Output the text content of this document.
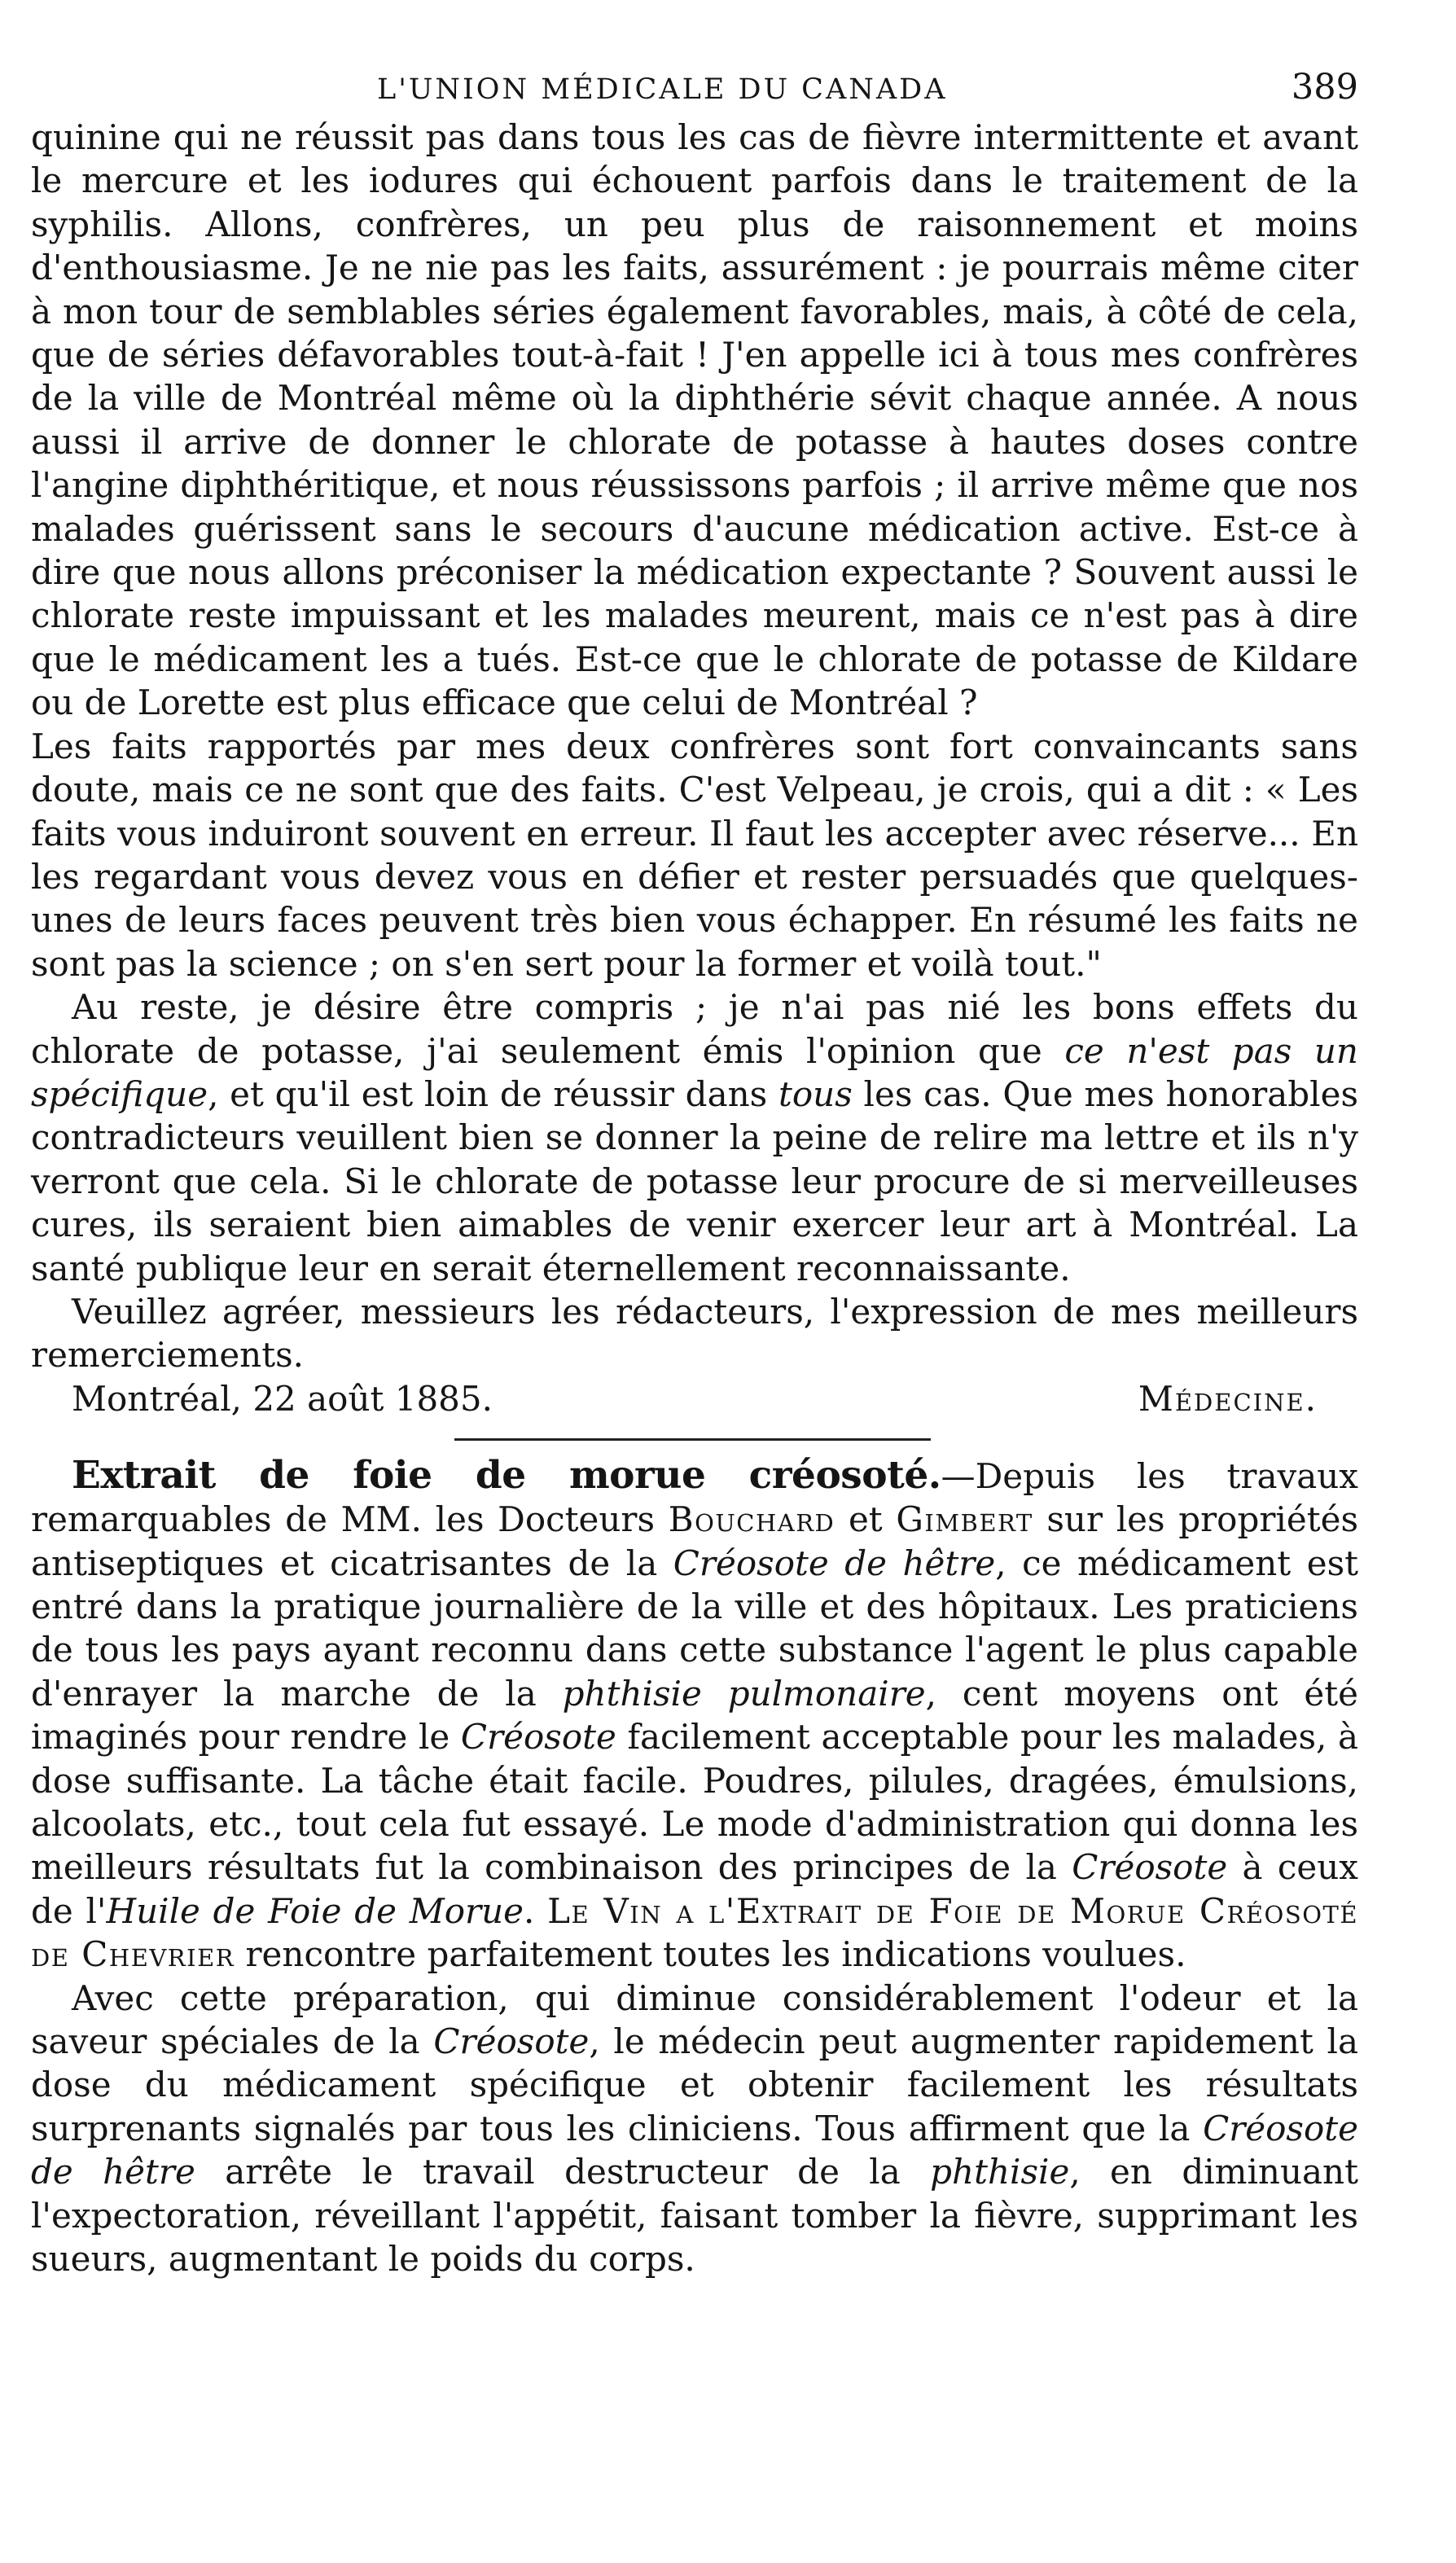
L'UNION MÉDICALE DU CANADA	389

quinine qui ne réussit pas dans tous les cas de fièvre intermittente et avant le mercure et les iodures qui échouent parfois dans le traitement de la syphilis. Allons, confrères, un peu plus de raisonnement et moins d'enthousiasme. Je ne nie pas les faits, assurément : je pourrais même citer à mon tour de semblables séries également favorables, mais, à côté de cela, que de séries défavorables tout-à-fait ! J'en appelle ici à tous mes confrères de la ville de Montréal même où la diphthérie sévit chaque année. A nous aussi il arrive de donner le chlorate de potasse à hautes doses contre l'angine diphthéritique, et nous réussissons parfois ; il arrive même que nos malades guérissent sans le secours d'aucune médication active. Est-ce à dire que nous allons préconiser la médication expectante ? Souvent aussi le chlorate reste impuissant et les malades meurent, mais ce n'est pas à dire que le médicament les a tués. Est-ce que le chlorate de potasse de Kildare ou de Lorette est plus efficace que celui de Montréal ?

Les faits rapportés par mes deux confrères sont fort convaincants sans doute, mais ce ne sont que des faits. C'est Velpeau, je crois, qui a dit : « Les faits vous induiront souvent en erreur. Il faut les accepter avec réserve... En les regardant vous devez vous en défier et rester persuadés que quelques-unes de leurs faces peuvent très bien vous échapper. En résumé les faits ne sont pas la science ; on s'en sert pour la former et voilà tout."

Au reste, je désire être compris ; je n'ai pas nié les bons effets du chlorate de potasse, j'ai seulement émis l'opinion que ce n'est pas un spécifique, et qu'il est loin de réussir dans tous les cas. Que mes honorables contradicteurs veuillent bien se donner la peine de relire ma lettre et ils n'y verront que cela. Si le chlorate de potasse leur procure de si merveilleuses cures, ils seraient bien aimables de venir exercer leur art à Montréal. La santé publique leur en serait éternellement reconnaissante.

Veuillez agréer, messieurs les rédacteurs, l'expression de mes meilleurs remerciements.

Montréal, 22 août 1885.	Médecine.

Extrait de foie de morue créosoté.—Depuis les travaux remarquables de MM. les Docteurs Bouchard et Gimbert sur les propriétés antiseptiques et cicatrisantes de la Créosote de hêtre, ce médicament est entré dans la pratique journalière de la ville et des hôpitaux. Les praticiens de tous les pays ayant reconnu dans cette substance l'agent le plus capable d'enrayer la marche de la phthisie pulmonaire, cent moyens ont été imaginés pour rendre le Créosote facilement acceptable pour les malades, à dose suffisante. La tâche était facile. Poudres, pilules, dragées, émulsions, alcoolats, etc., tout cela fut essayé. Le mode d'administration qui donna les meilleurs résultats fut la combinaison des principes de la Créosote à ceux de l'Huile de Foie de Morue. Le Vin a l'Extrait de Foie de Morue Créosoté de Chevrier rencontre parfaitement toutes les indications voulues.

Avec cette préparation, qui diminue considérablement l'odeur et la saveur spéciales de la Créosote, le médecin peut augmenter rapidement la dose du médicament spécifique et obtenir facilement les résultats surprenants signalés par tous les cliniciens. Tous affirment que la Créosote de hêtre arrête le travail destructeur de la phthisie, en diminuant l'expectoration, réveillant l'appétit, faisant tomber la fièvre, supprimant les sueurs, augmentant le poids du corps.
